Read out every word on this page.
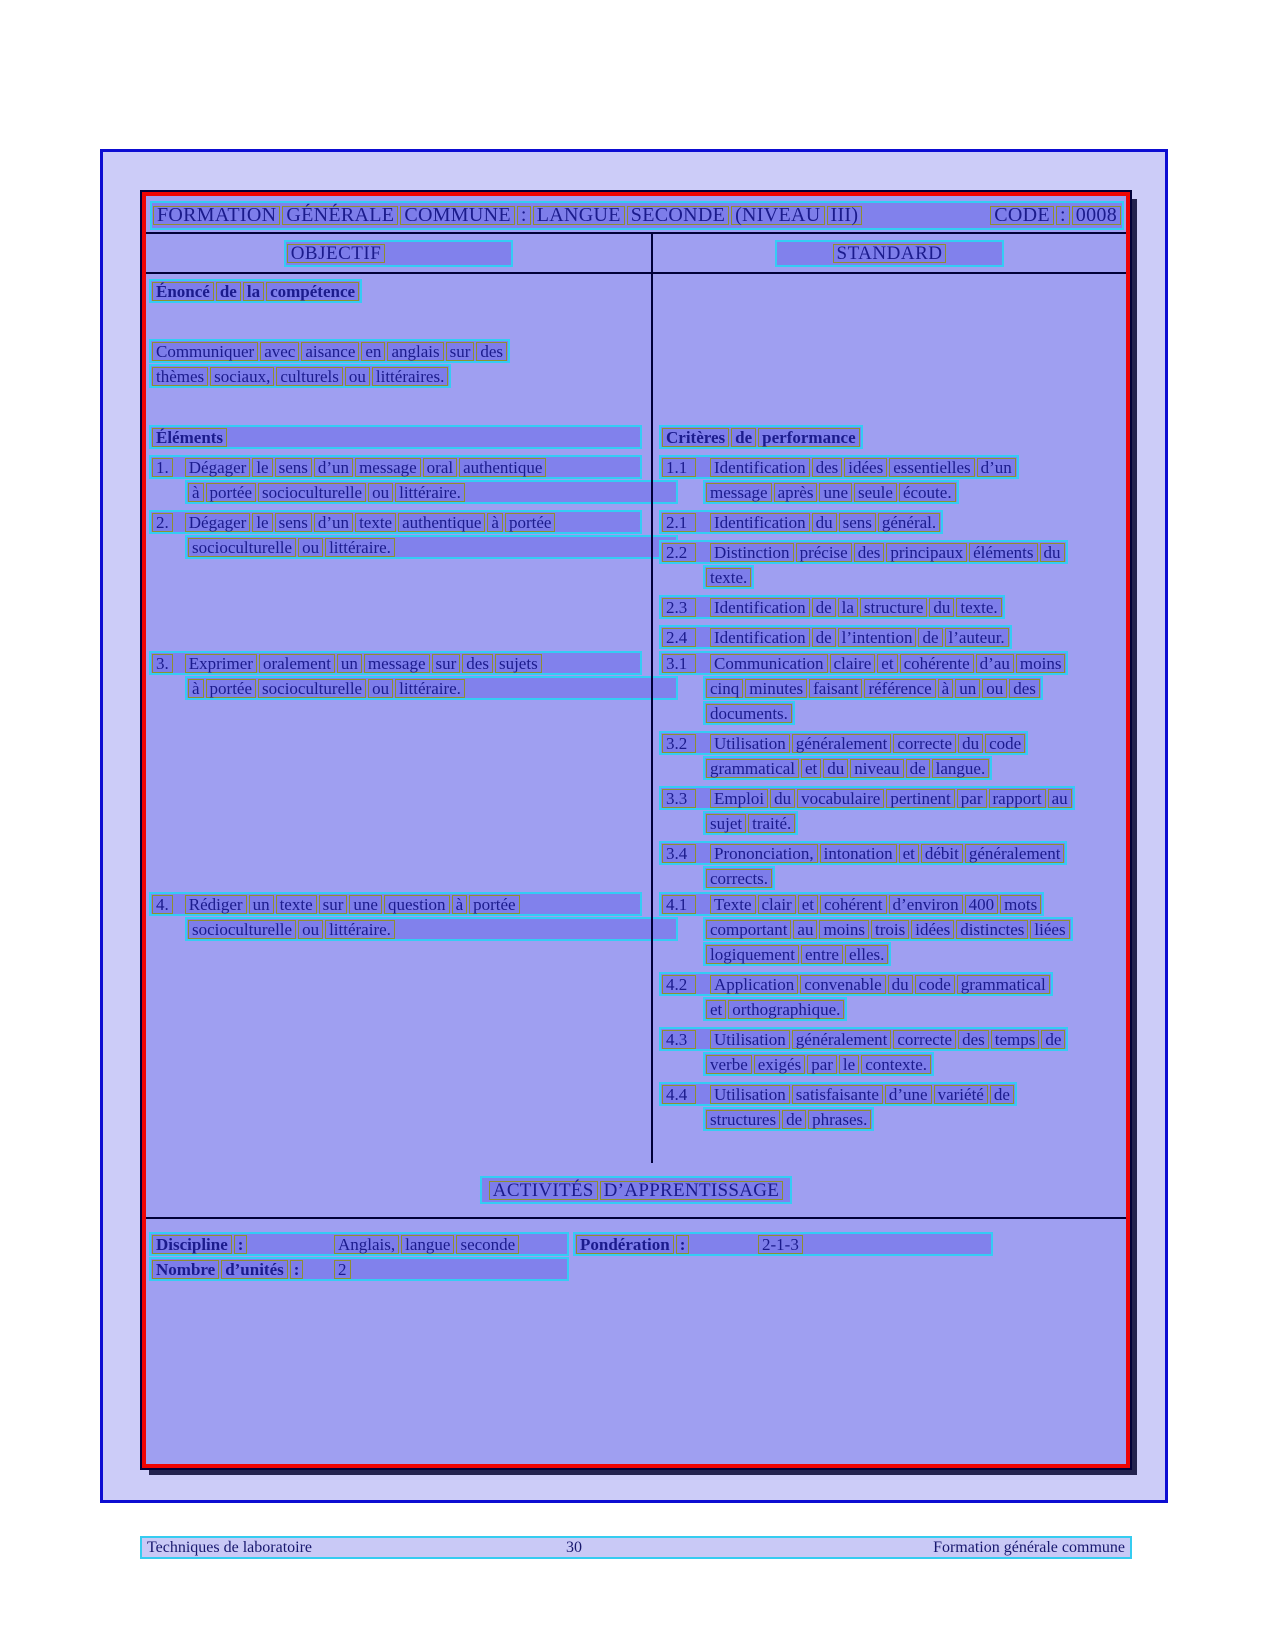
FORMATION GÉNÉRALE COMMUNE : LANGUE SECONDE (NIVEAU III)	CODE : 0008
OBJECTIF	STANDARD
Énoncé de la compétence
Communiquer avec aisance en anglais sur des

thèmes sociaux, culturels ou littéraires.
Éléments	Critères de performance
1. Dégager le sens d’un message oral authentique
à portée socioculturelle ou littéraire.
1.1	Identification des idées essentielles d’un

message après une seule écoute.
2. Dégager le sens d’un texte authentique à portée
socioculturelle ou littéraire.
2.1	Identification du sens général.
2.2	Distinction précise des principaux éléments du

texte.
2.3	Identification de la structure du texte.
2.4	Identification de l’intention de l’auteur.
3. Exprimer oralement un message sur des sujets
à portée socioculturelle ou littéraire.
3.1	Communication claire et cohérente d’au moins

cinq minutes faisant référence à un ou des

documents.
3.2	Utilisation généralement correcte du code

grammatical et du niveau de langue.
3.3	Emploi du vocabulaire pertinent par rapport au

sujet traité.
3.4	Prononciation, intonation et débit généralement

corrects.
4. Rédiger un texte sur une question à portée
socioculturelle ou littéraire.
4.1	Texte clair et cohérent d’environ 400 mots

comportant au moins trois idées distinctes liées

logiquement entre elles.
4.2	Application convenable du code grammatical

et orthographique.
4.3	Utilisation généralement correcte des temps de

verbe exigés par le contexte.
4.4	Utilisation satisfaisante d’une variété de

structures de phrases.
ACTIVITÉS D’APPRENTISSAGE
Discipline :	Anglais, langue seconde
	Pondération :	2-1-3

Nombre d’unités : 2
Techniques de laboratoire	30	Formation générale commune
